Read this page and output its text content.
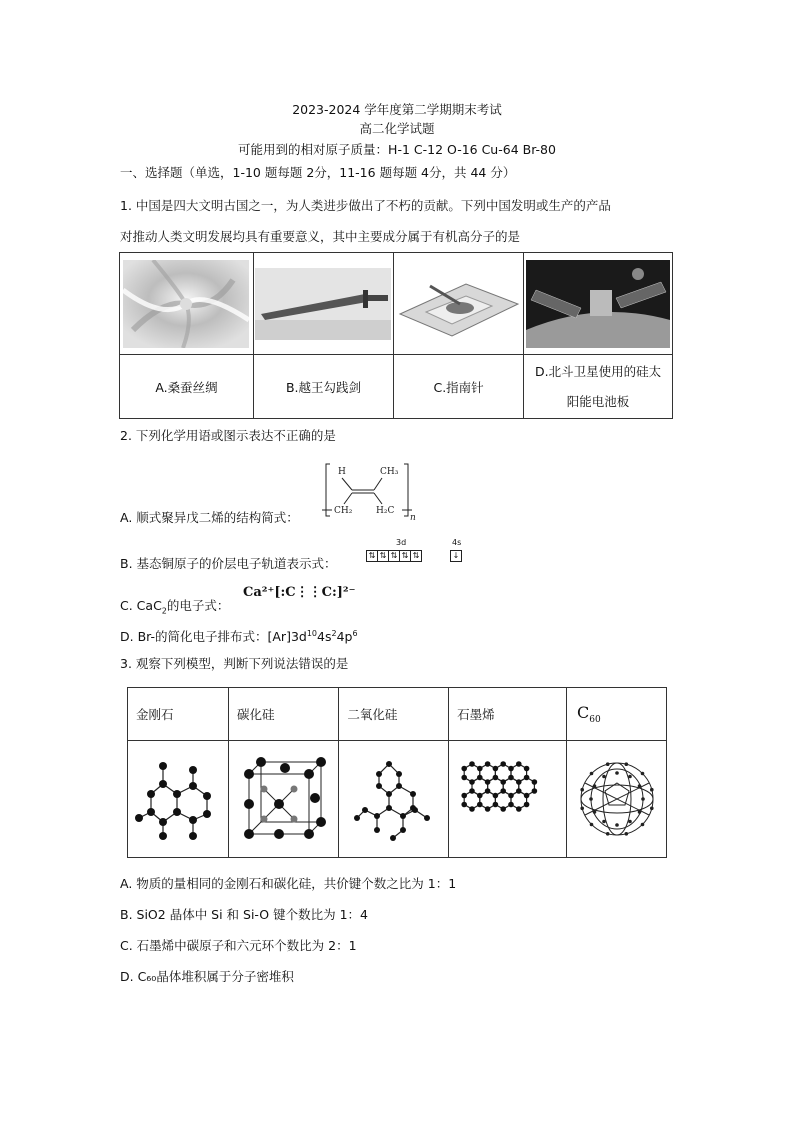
2023-2024 学年度第二学期期末考试
高二化学试题
可能用到的相对原子质量：H-1 C-12 O-16 Cu-64 Br-80
一、选择题（单选，1-10 题每题 2分，11-16 题每题 4分，共 44 分）
1. 中国是四大文明古国之一，为人类进步做出了不朽的贡献。下列中国发明或生产的产品
对推动人类文明发展均具有重要意义，其中主要成分属于有机高分子的是

A.桑蚕丝绸	B.越王勾践剑	C.指南针	D.北斗卫星使用的硅太
阳能电池板
2. 下列化学用语或图示表达不正确的是
A. 顺式聚异戊二烯的结构简式：
H	CH₃
CH₂	H₂C
n
B. 基态铜原子的价层电子轨道表示式：
3d	4s
⇅ ⇅ ⇅ ⇅ ⇅	↓
C. CaC$_2$的电子式：
Ca²⁺[:C⋮⋮C:]²⁻
D. Br-的简化电子排布式：$[Ar]3d^{10}4s^24p^6$
3. 观察下列模型，判断下列说法错误的是
金刚石	碳化硅	二氧化硅	石墨烯	$C_{60}$

A. 物质的量相同的金刚石和碳化硅，共价键个数之比为 1：1
B. SiO2 晶体中 Si 和 Si-O 键个数比为 1：4
C. 石墨烯中碳原子和六元环个数比为 2：1
D. C₆₀晶体堆积属于分子密堆积
